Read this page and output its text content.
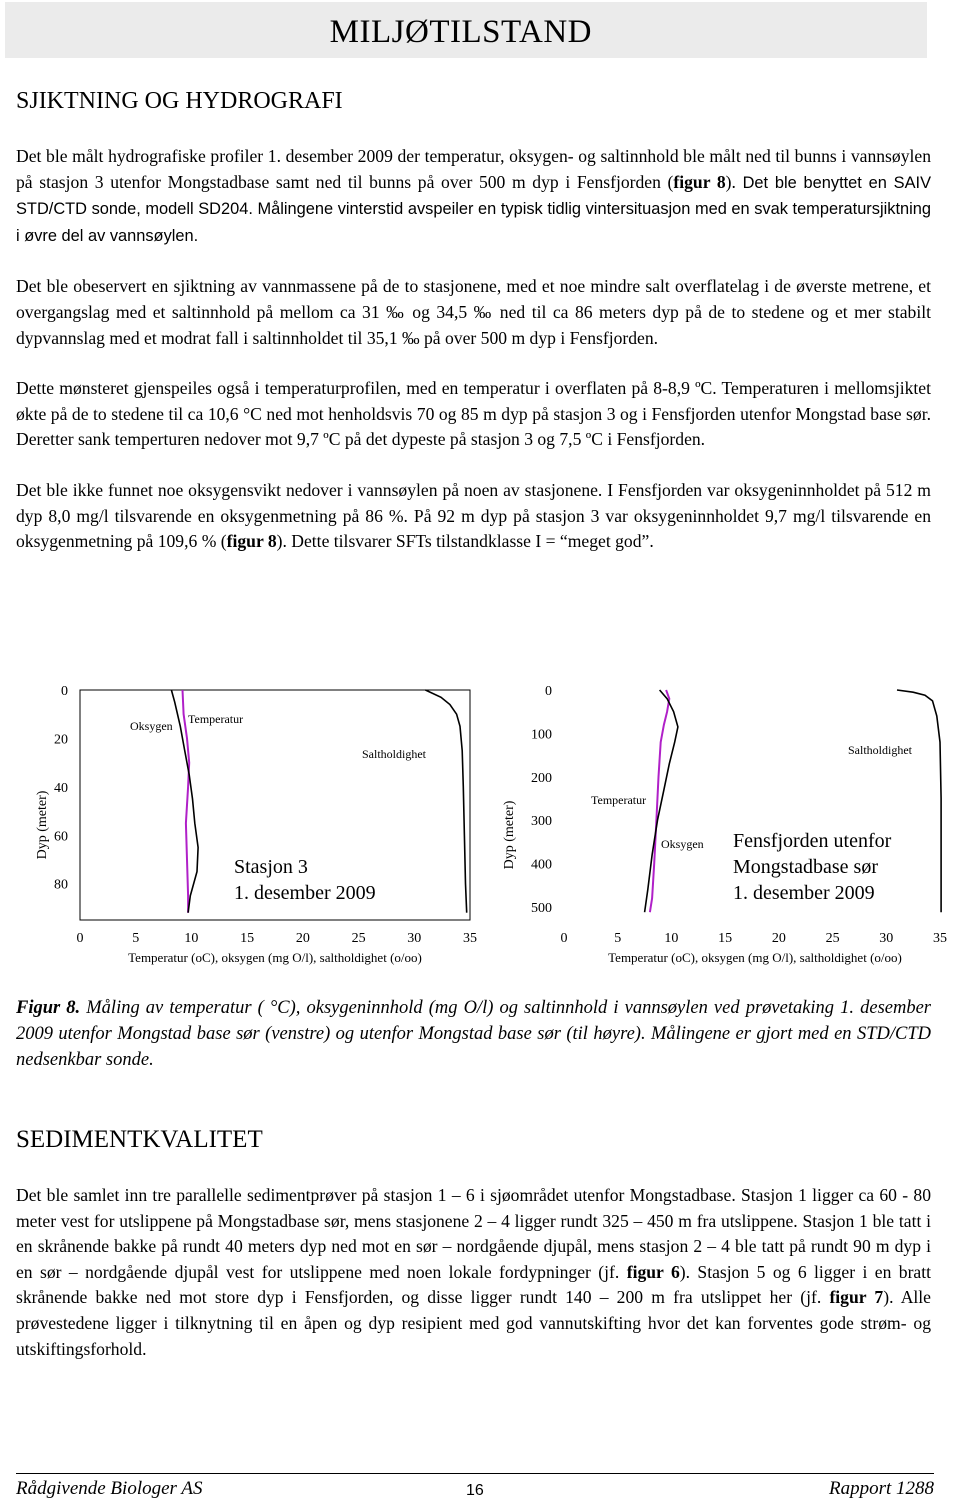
MILJØTILSTAND
SJIKTNING OG HYDROGRAFI

Det ble målt hydrografiske profiler 1. desember 2009 der temperatur, oksygen- og saltinnhold ble målt ned til bunns i vannsøylen på stasjon 3 utenfor Mongstadbase samt ned til bunns på over 500 m dyp i Fensfjorden (figur 8). Det ble benyttet en SAIV STD/CTD sonde, modell SD204. Målingene vinterstid avspeiler en typisk tidlig vintersituasjon med en svak temperatursjiktning i øvre del av vannsøylen.

Det ble obeservert en sjiktning av vannmassene på de to stasjonene, med et noe mindre salt overflatelag i de øverste metrene, et overgangslag med et saltinnhold på mellom ca 31 ‰ og 34,5 ‰ ned til ca 86 meters dyp på de to stedene og et mer stabilt dypvannslag med et modrat fall i saltinnholdet til 35,1 ‰ på over 500 m dyp i Fensfjorden.

Dette mønsteret gjenspeiles også i temperaturprofilen, med en temperatur i overflaten på 8-8,9 ºC. Temperaturen i mellomsjiktet økte på de to stedene til ca 10,6 °C ned mot henholdsvis 70 og 85 m dyp på stasjon 3 og i Fensfjorden utenfor Mongstad base sør. Deretter sank temperturen nedover mot 9,7 ºC på det dypeste på stasjon 3 og 7,5 ºC i Fensfjorden.

Det ble ikke funnet noe oksygensvikt nedover i vannsøylen på noen av stasjonene. I Fensfjorden var oksygeninnholdet på 512 m dyp 8,0 mg/l tilsvarende en oksygenmetning på 86 %. På 92 m dyp på stasjon 3 var oksygeninnholdet 9,7 mg/l tilsvarende en oksygenmetning på 109,6 % (figur 8). Dette tilsvarer SFTs tilstandklasse I = “meget god”.

Dyp (meter)
0
20
40
60
80
0	5	10	15	20	25	30	35
Oksygen Temperatur
Saltholdighet
Stasjon 3
1. desember 2009
Temperatur (oC), oksygen (mg O/l), saltholdighet (o/oo)
Dyp (meter)
0
100
200
300
400
500
0	5	10	15	20	25	30	35
Temperatur
Oksygen
Saltholdighet
Fensfjorden utenfor
Mongstadbase sør
1. desember 2009
Temperatur (oC), oksygen (mg O/l), saltholdighet (o/oo)
Figur 8. Måling av temperatur ( °C), oksygeninnhold (mg O/l) og saltinnhold i vannsøylen ved prøvetaking 1. desember 2009 utenfor Mongstad base sør (venstre) og utenfor Mongstad base sør (til høyre). Målingene er gjort med en STD/CTD nedsenkbar sonde.
SEDIMENTKVALITET

Det ble samlet inn tre parallelle sedimentprøver på stasjon 1 – 6 i sjøområdet utenfor Mongstadbase. Stasjon 1 ligger ca 60 - 80 meter vest for utslippene på Mongstadbase sør, mens stasjonene 2 – 4 ligger rundt 325 – 450 m fra utslippene. Stasjon 1 ble tatt i en skrånende bakke på rundt 40 meters dyp ned mot en sør – nordgående djupål, mens stasjon 2 – 4 ble tatt på rundt 90 m dyp i en sør – nordgående djupål vest for utslippene med noen lokale fordypninger (jf. figur 6). Stasjon 5 og 6 ligger i en bratt skrånende bakke ned mot store dyp i Fensfjorden, og disse ligger rundt 140 – 200 m fra utslippet her (jf. figur 7). Alle prøvestedene ligger i tilknytning til en åpen og dyp resipient med god vannutskifting hvor det kan forventes gode strøm- og utskiftingsforhold.

Rådgivende Biologer AS	16	Rapport 1288
